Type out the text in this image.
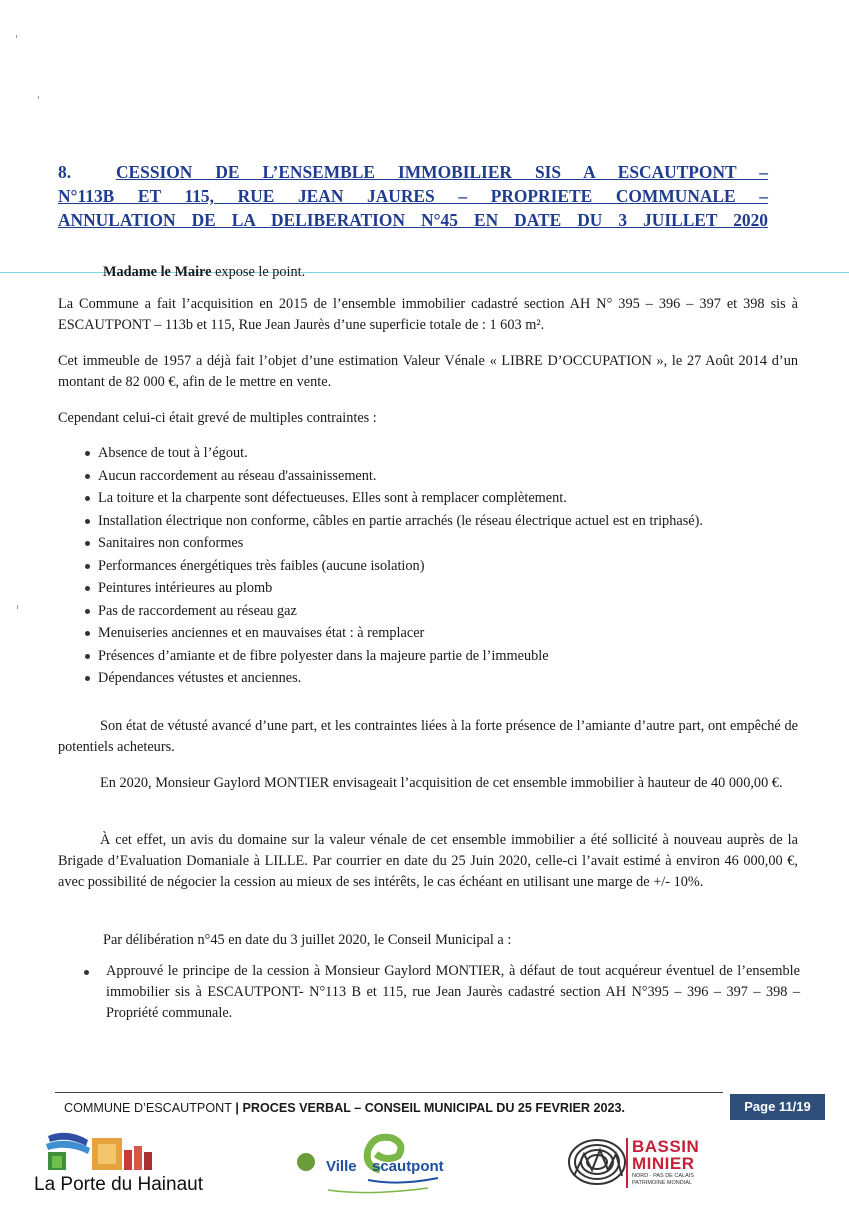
8.	CESSION DE L’ENSEMBLE IMMOBILIER SIS A ESCAUTPONT –
N°113B ET 115, RUE JEAN JAURES – PROPRIETE COMMUNALE –
ANNULATION DE LA DELIBERATION N°45 EN DATE DU 3 JUILLET 2020
Madame le Maire expose le point.
La Commune a fait l’acquisition en 2015 de l’ensemble immobilier cadastré section AH N° 395 – 396 – 397 et 398 sis à ESCAUTPONT – 113b et 115, Rue Jean Jaurès d’une superficie totale de : 1 603 m².
Cet immeuble de 1957 a déjà fait l’objet d’une estimation Valeur Vénale « LIBRE D’OCCUPATION », le 27 Août 2014 d’un montant de 82 000 €, afin de le mettre en vente.
Cependant celui-ci était grevé de multiples contraintes :
Absence de tout à l’égout.
Aucun raccordement au réseau d'assainissement.
La toiture et la charpente sont défectueuses. Elles sont à remplacer complètement.
Installation électrique non conforme, câbles en partie arrachés (le réseau électrique actuel est en triphasé).
Sanitaires non conformes
Performances énergétiques très faibles (aucune isolation)
Peintures intérieures au plomb
Pas de raccordement au réseau gaz
Menuiseries anciennes et en mauvaises état : à remplacer
Présences d’amiante et de fibre polyester dans la majeure partie de l’immeuble
Dépendances vétustes et anciennes.
Son état de vétusté avancé d’une part, et les contraintes liées à la forte présence de l’amiante d’autre part, ont empêché de potentiels acheteurs.
En 2020, Monsieur Gaylord MONTIER envisageait l’acquisition de cet ensemble immobilier à hauteur de 40 000,00 €.
À cet effet, un avis du domaine sur la valeur vénale de cet ensemble immobilier a été sollicité à nouveau auprès de la Brigade d’Evaluation Domaniale à LILLE. Par courrier en date du 25 Juin 2020, celle-ci l’avait estimé à environ 46 000,00 €, avec possibilité de négocier la cession au mieux de ses intérêts, le cas échéant en utilisant une marge de +/- 10%.
Par délibération n°45 en date du 3 juillet 2020, le Conseil Municipal a :
Approuvé le principe de la cession à Monsieur Gaylord MONTIER, à défaut de tout acquéreur éventuel de l’ensemble immobilier sis à ESCAUTPONT- N°113 B et 115, rue Jean Jaurès cadastré section AH N°395 – 396 – 397 – 398 – Propriété communale.
COMMUNE D’ESCAUTPONT | PROCES VERBAL – CONSEIL MUNICIPAL DU 25 FEVRIER 2023.	Page 11/19
La Porte du Hainaut
Ville scautpont
BASSIN
MINIER
NORD · PAS DE CALAIS
PATRIMOINE MONDIAL
